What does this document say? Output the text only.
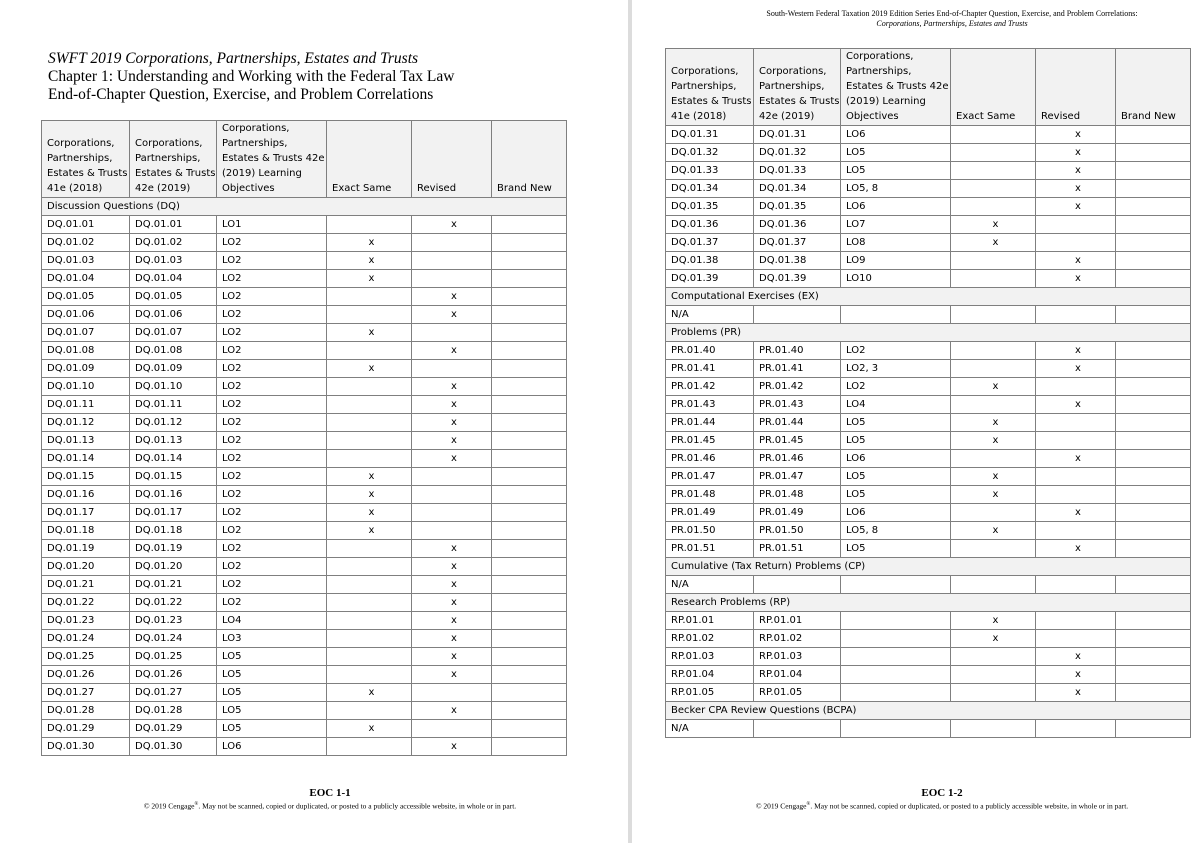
SWFT 2019 Corporations, Partnerships, Estates and Trusts
Chapter 1: Understanding and Working with the Federal Tax Law
End-of-Chapter Question, Exercise, and Problem Correlations
Corporations, Partnerships, Estates & Trusts 41e (2018)	Corporations, Partnerships, Estates & Trusts 42e (2019)	Corporations, Partnerships, Estates & Trusts 42e (2019) Learning Objectives	Exact Same	Revised	Brand New
Discussion Questions (DQ)					
DQ.01.01	DQ.01.01	LO1		x	
DQ.01.02	DQ.01.02	LO2	x		
DQ.01.03	DQ.01.03	LO2	x		
DQ.01.04	DQ.01.04	LO2	x		
DQ.01.05	DQ.01.05	LO2		x	
DQ.01.06	DQ.01.06	LO2		x	
DQ.01.07	DQ.01.07	LO2	x		
DQ.01.08	DQ.01.08	LO2		x	
DQ.01.09	DQ.01.09	LO2	x		
DQ.01.10	DQ.01.10	LO2		x	
DQ.01.11	DQ.01.11	LO2		x	
DQ.01.12	DQ.01.12	LO2		x	
DQ.01.13	DQ.01.13	LO2		x	
DQ.01.14	DQ.01.14	LO2		x	
DQ.01.15	DQ.01.15	LO2	x		
DQ.01.16	DQ.01.16	LO2	x		
DQ.01.17	DQ.01.17	LO2	x		
DQ.01.18	DQ.01.18	LO2	x		
DQ.01.19	DQ.01.19	LO2		x	
DQ.01.20	DQ.01.20	LO2		x	
DQ.01.21	DQ.01.21	LO2		x	
DQ.01.22	DQ.01.22	LO2		x	
DQ.01.23	DQ.01.23	LO4		x	
DQ.01.24	DQ.01.24	LO3		x	
DQ.01.25	DQ.01.25	LO5		x	
DQ.01.26	DQ.01.26	LO5		x	
DQ.01.27	DQ.01.27	LO5	x		
DQ.01.28	DQ.01.28	LO5		x	
DQ.01.29	DQ.01.29	LO5	x		
DQ.01.30	DQ.01.30	LO6		x	
EOC 1-1
© 2019 Cengage®. May not be scanned, copied or duplicated, or posted to a publicly accessible website, in whole or in part.
South-Western Federal Taxation 2019 Edition Series End-of-Chapter Question, Exercise, and Problem Correlations:
Corporations, Partnerships, Estates and Trusts
Corporations, Partnerships, Estates & Trusts 41e (2018)	Corporations, Partnerships, Estates & Trusts 42e (2019)	Corporations, Partnerships, Estates & Trusts 42e (2019) Learning Objectives	Exact Same	Revised	Brand New
DQ.01.31	DQ.01.31	LO6		x	
DQ.01.32	DQ.01.32	LO5		x	
DQ.01.33	DQ.01.33	LO5		x	
DQ.01.34	DQ.01.34	LO5, 8		x	
DQ.01.35	DQ.01.35	LO6		x	
DQ.01.36	DQ.01.36	LO7	x		
DQ.01.37	DQ.01.37	LO8	x		
DQ.01.38	DQ.01.38	LO9		x	
DQ.01.39	DQ.01.39	LO10		x	
Computational Exercises (EX)					
N/A					
Problems (PR)					
PR.01.40	PR.01.40	LO2		x	
PR.01.41	PR.01.41	LO2, 3		x	
PR.01.42	PR.01.42	LO2	x		
PR.01.43	PR.01.43	LO4		x	
PR.01.44	PR.01.44	LO5	x		
PR.01.45	PR.01.45	LO5	x		
PR.01.46	PR.01.46	LO6		x	
PR.01.47	PR.01.47	LO5	x		
PR.01.48	PR.01.48	LO5	x		
PR.01.49	PR.01.49	LO6		x	
PR.01.50	PR.01.50	LO5, 8	x		
PR.01.51	PR.01.51	LO5		x	
Cumulative (Tax Return) Problems (CP)					
N/A					
Research Problems (RP)					
RP.01.01	RP.01.01		x		
RP.01.02	RP.01.02		x		
RP.01.03	RP.01.03			x	
RP.01.04	RP.01.04			x	
RP.01.05	RP.01.05			x	
Becker CPA Review Questions (BCPA)					
N/A					
EOC 1-2
© 2019 Cengage®. May not be scanned, copied or duplicated, or posted to a publicly accessible website, in whole or in part.
